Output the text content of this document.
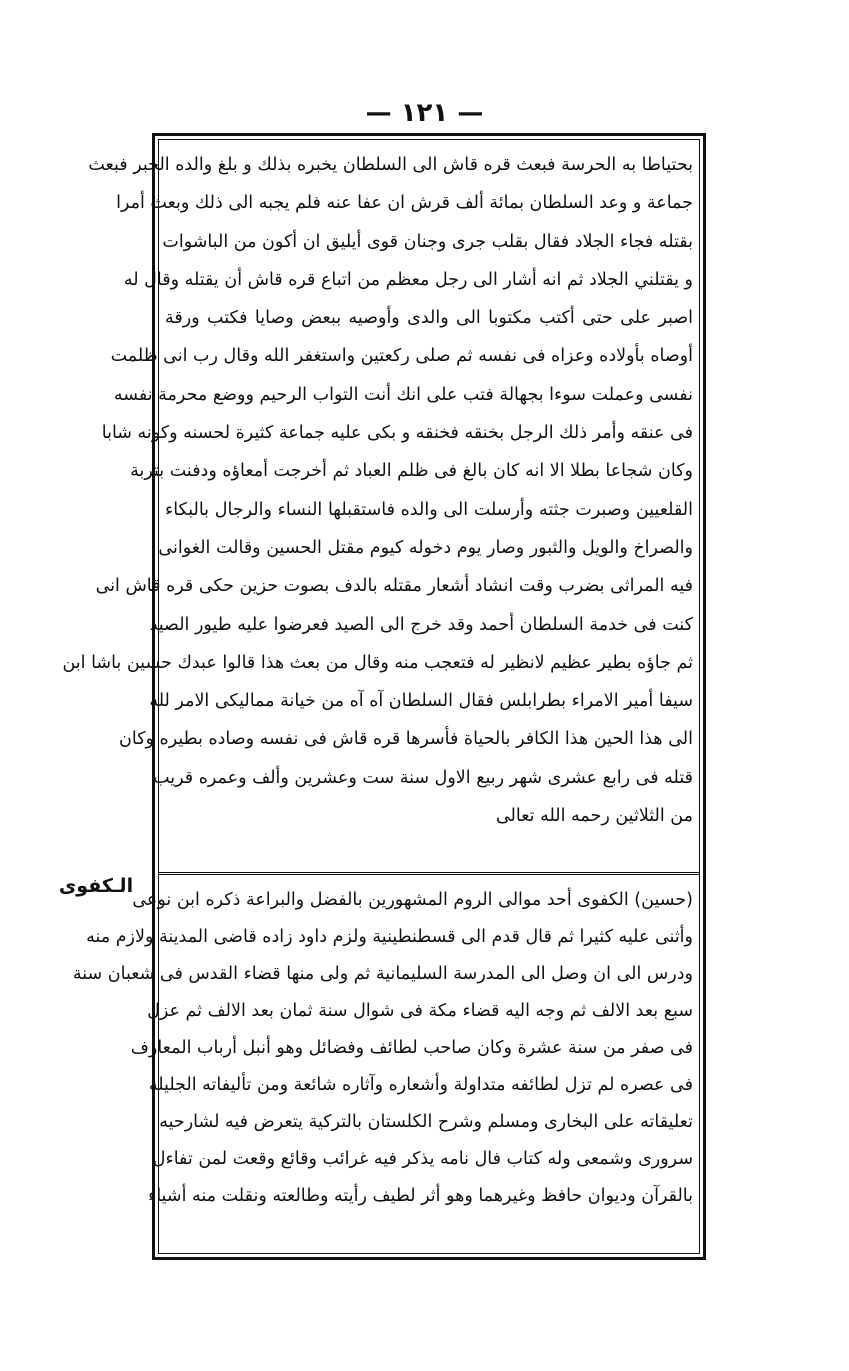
— ١٢١ —
الـكفوى
بحتياطا به الحرسة فبعث قره قاش الى السلطان يخبره بذلك و بلغ والده الخبر فبعث
جماعة و وعد السلطان بمائة ألف قرش ان عفا عنه فلم يجبه الى ذلك وبعث أمرا
بقتله فجاء الجلاد فقال بقلب جرى وجنان قوى أيليق ان أكون من الباشوات
و يقتلني الجلاد ثم انه أشار الى رجل معظم من اتباع قره قاش أن يقتله وقال له
اصبر على حتى أكتب مكتوبا الى والدى وأوصيه ببعض وصايا فكتب ورقة
أوصاه بأولاده وعزاه فى نفسه ثم صلى ركعتين واستغفر الله وقال رب انى ظلمت
نفسى وعملت سوءا بجهالة فتب على انك أنت التواب الرحيم ووضع محرمة نفسه
فى عنقه وأمر ذلك الرجل بخنقه فخنقه و بكى عليه جماعة كثيرة لحسنه وكونه شابا
وكان شجاعا بطلا الا انه كان بالغ فى ظلم العباد ثم أخرجت أمعاؤه ودفنت بتربة
القلعيين وصبرت جثته وأرسلت الى والده فاستقبلها النساء والرجال بالبكاء
والصراخ والويل والثبور وصار يوم دخوله كيوم مقتل الحسين وقالت الغوانى
فيه المراثى بضرب وقت انشاد أشعار مقتله بالدف بصوت حزين حكى قره قاش انى
كنت فى خدمة السلطان أحمد وقد خرج الى الصيد فعرضوا عليه طيور الصيد
ثم جاؤه بطير عظيم لانظير له فتعجب منه وقال من بعث هذا قالوا عبدك حسين باشا ابن
سيفا أمير الامراء بطرابلس فقال السلطان آه آه من خيانة مماليكى الامر لله
الى هذا الحين هذا الكافر بالحياة فأسرها قره قاش فى نفسه وصاده بطيره وكان
قتله فى رابع عشرى شهر ربيع الاول سنة ست وعشرين وألف وعمره قريب
من الثلاثين رحمه الله تعالى
(حسين) الكفوى أحد موالى الروم المشهورين بالفضل والبراعة ذكره ابن نوعى
وأثنى عليه كثيرا ثم قال قدم الى قسطنطينية ولزم داود زاده قاضى المدينة ولازم منه
ودرس الى ان وصل الى المدرسة السليمانية ثم ولى منها قضاء القدس فى شعبان سنة
سبع بعد الالف ثم وجه اليه قضاء مكة فى شوال سنة ثمان بعد الالف ثم عزل
فى صفر من سنة عشرة وكان صاحب لطائف وفضائل وهو أنبل أرباب المعارف
فى عصره لم تزل لطائفه متداولة وأشعاره وآثاره شائعة ومن تأليفاته الجليلة
تعليقاته على البخارى ومسلم وشرح الكلستان بالتركية يتعرض فيه لشارحيه
سرورى وشمعى وله كتاب فال نامه يذكر فيه غرائب وقائع وقعت لمن تفاءل
بالقرآن وديوان حافظ وغيرهما وهو أثر لطيف رأيته وطالعته ونقلت منه أشياء
